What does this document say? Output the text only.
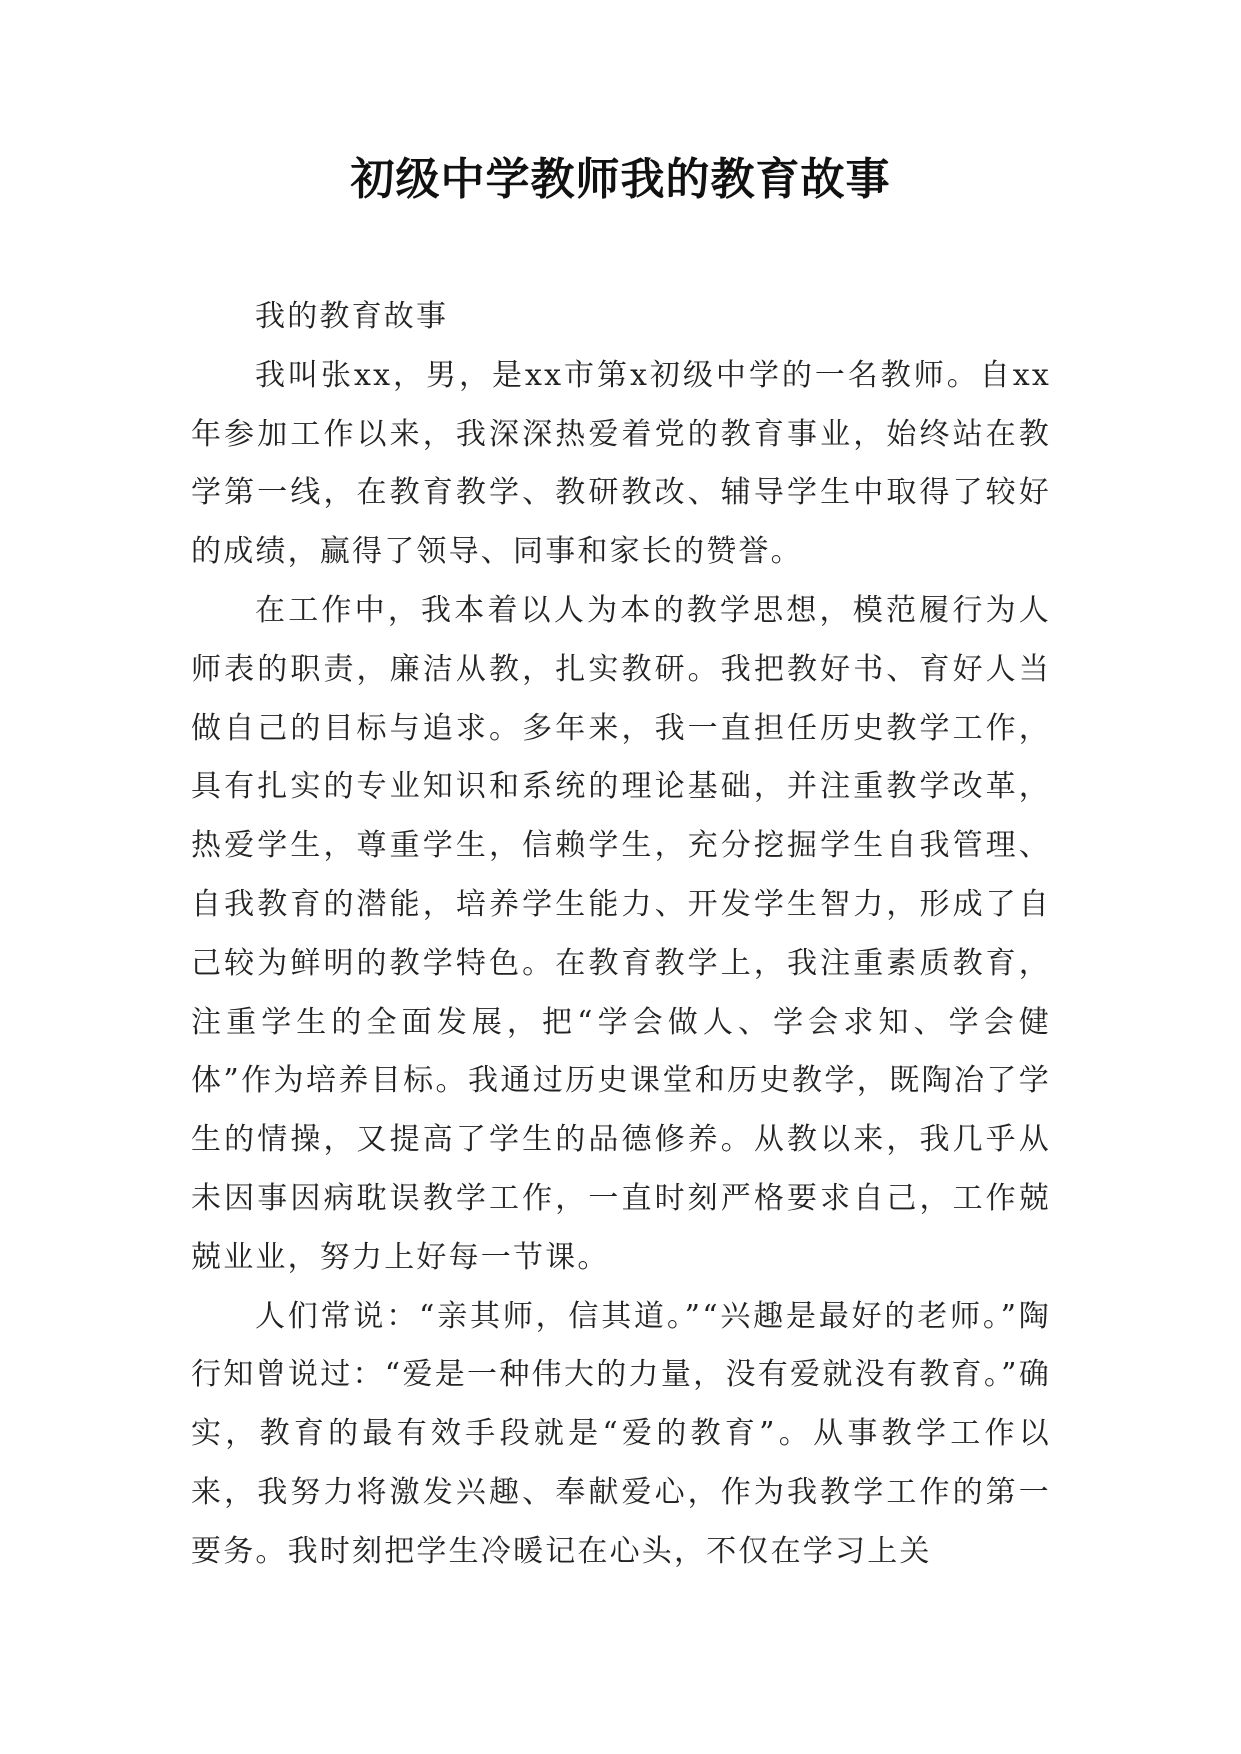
初级中学教师我的教育故事

我的教育故事

我叫张xx，男，是xx市第x初级中学的一名教师。自xx年参加工作以来，我深深热爱着党的教育事业，始终站在教学第一线，在教育教学、教研教改、辅导学生中取得了较好的成绩，赢得了领导、同事和家长的赞誉。

在工作中，我本着以人为本的教学思想，模范履行为人师表的职责，廉洁从教，扎实教研。我把教好书、育好人当做自己的目标与追求。多年来，我一直担任历史教学工作，具有扎实的专业知识和系统的理论基础，并注重教学改革，热爱学生，尊重学生，信赖学生，充分挖掘学生自我管理、自我教育的潜能，培养学生能力、开发学生智力，形成了自己较为鲜明的教学特色。在教育教学上，我注重素质教育，注重学生的全面发展，把“学会做人、学会求知、学会健体”作为培养目标。我通过历史课堂和历史教学，既陶冶了学生的情操，又提高了学生的品德修养。从教以来，我几乎从未因事因病耽误教学工作，一直时刻严格要求自己，工作兢兢业业，努力上好每一节课。

人们常说：“亲其师，信其道。”“兴趣是最好的老师。”陶行知曾说过：“爱是一种伟大的力量，没有爱就没有教育。”确实，教育的最有效手段就是“爱的教育”。从事教学工作以来，我努力将激发兴趣、奉献爱心，作为我教学工作的第一要务。我时刻把学生冷暖记在心头，不仅在学习上关
